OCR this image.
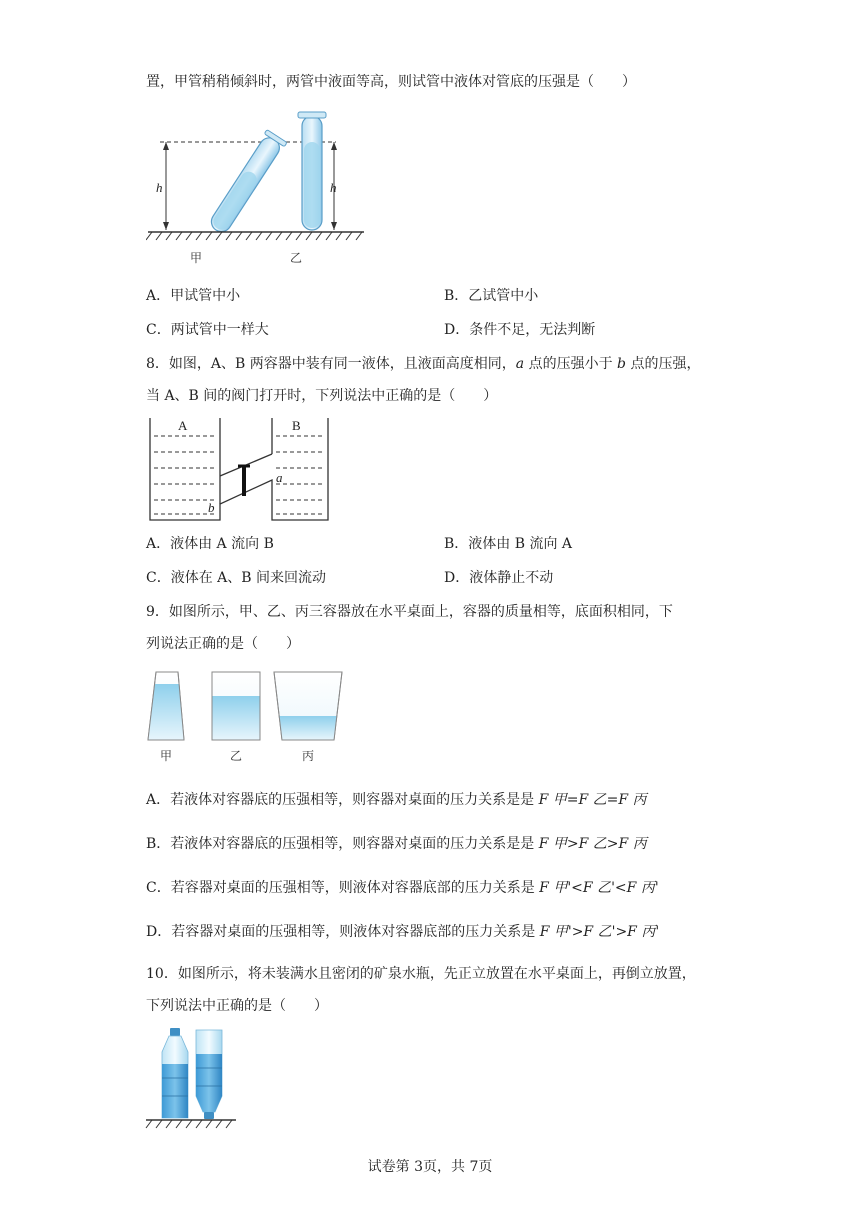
置，甲管稍稍倾斜时，两管中液面等高，则试管中液体对管底的压强是（　　）
h	h
甲	乙
A．甲试管中小	B．乙试管中小
C．两试管中一样大	D．条件不足，无法判断
8．如图，A、B 两容器中装有同一液体，且液面高度相同，a 点的压强小于 b 点的压强，
当 A、B 间的阀门打开时，下列说法中正确的是（　　）
A	B
a
b
A．液体由 A 流向 B	B．液体由 B 流向 A
C．液体在 A、B 间来回流动	D．液体静止不动
9．如图所示，甲、乙、丙三容器放在水平桌面上，容器的质量相等，底面积相同，下
列说法正确的是（　　）
甲	乙	丙
A．若液体对容器底的压强相等，则容器对桌面的压力关系是是 F 甲=F 乙=F 丙
B．若液体对容器底的压强相等，则容器对桌面的压力关系是是 F 甲>F 乙>F 丙
C．若容器对桌面的压强相等，则液体对容器底部的压力关系是 F 甲'<F 乙'<F 丙'
D．若容器对桌面的压强相等，则液体对容器底部的压力关系是 F 甲'>F 乙'>F 丙'
10．如图所示，将未装满水且密闭的矿泉水瓶，先正立放置在水平桌面上，再倒立放置，
下列说法中正确的是（　　）
试卷第 3页，共 7页
